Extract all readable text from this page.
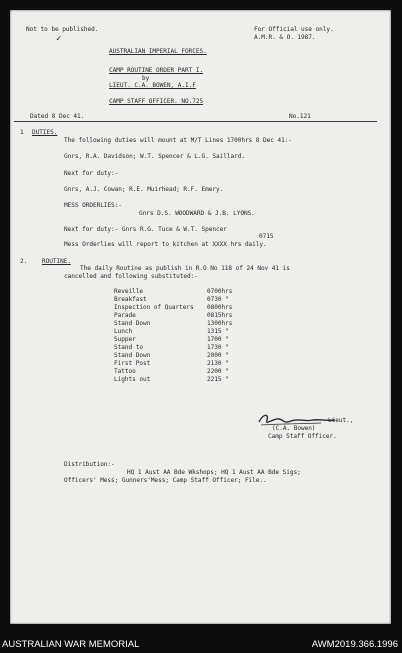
Not to be published.	For Official use only.
A.M.R. & O. 1987.
✓
AUSTRALIAN IMPERIAL FORCES.
CAMP ROUTINE ORDER PART I.
by
LIEUT. C.A. BOWEN, A.I.F
CAMP STAFF OFFICER. NO.725
Dated 8 Dec 41.	No.121
1 DUTIES.
The following duties will mount at M/T Lines 1700hrs 8 Dec 41:-
Gnrs, R.A. Davidson; W.T. Spencer & L.G. Saillard.
Next for duty:-
Gnrs, A.J. Cowan; R.E. Muirhead; R.F. Emery.
MESS ORDERLIES:-
Gnrs D.S. WOODWARD & J.B. LYONS.
Next for duty:- Gnrs R.G. Tuce & W.T. Spencer
0715
Mess Orderlies will report to kitchen at XXXX hrs daily.
2. ROUTINE.
The daily Routine as publish in R.O No 118 of 24 Nov 41 is
cancelled and following substituted:-
Reveille	0700hrs
Breakfast	0730 "
Inspection of Quarters 0800hrs
Parade	0815hrs
Stand Down	1300hrs
Lunch	1315 "
Supper	1700 "
Stand to	1730 "
Stand Down	2000 "
First Post	2130 "
Tattoo	2200 "
Lights out	2215 "
Lieut.,
(C.A. Bowen)
Camp Staff Officer.
Distribution:-
HQ 1 Aust AA Bde Wkshops; HQ 1 Aust AA Bde Sigs;
Officers' Mess; Gunners'Mess; Camp Staff Officer; File..
AUSTRALIAN WAR MEMORIAL	AWM2019.366.1996
